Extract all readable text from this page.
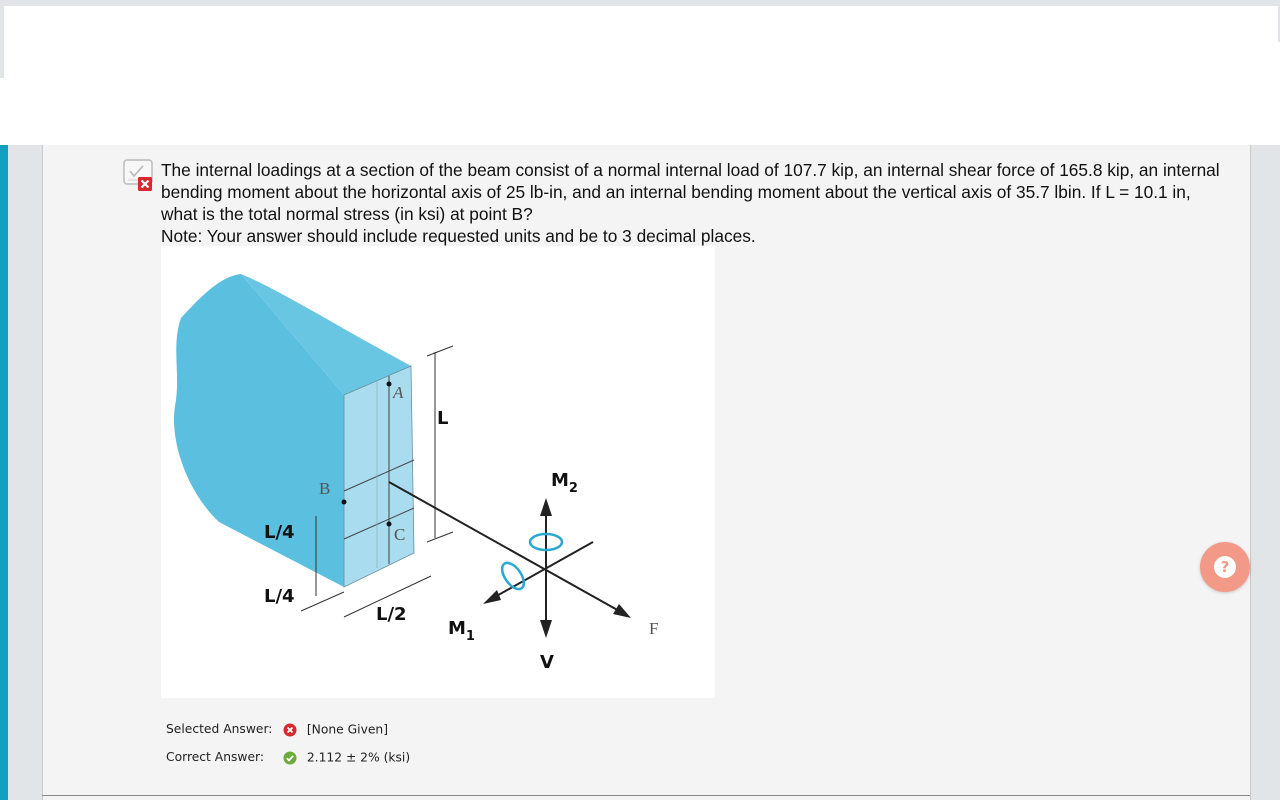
The internal loadings at a section of the beam consist of a normal internal load of 107.7 kip, an internal shear force of 165.8 kip, an internal bending moment about the horizontal axis of 25 lb-in, and an internal bending moment about the vertical axis of 35.7 lbin. If L = 10.1 in, what is the total normal stress (in ksi) at point B?

Note: Your answer should include requested units and be to 3 decimal places.

A
B
C
L
L/4
L/4
L/2
$M_2$
$M_1$
V
F
Selected Answer:	[None Given]
Correct Answer:	2.112 ± 2% (ksi)
?
